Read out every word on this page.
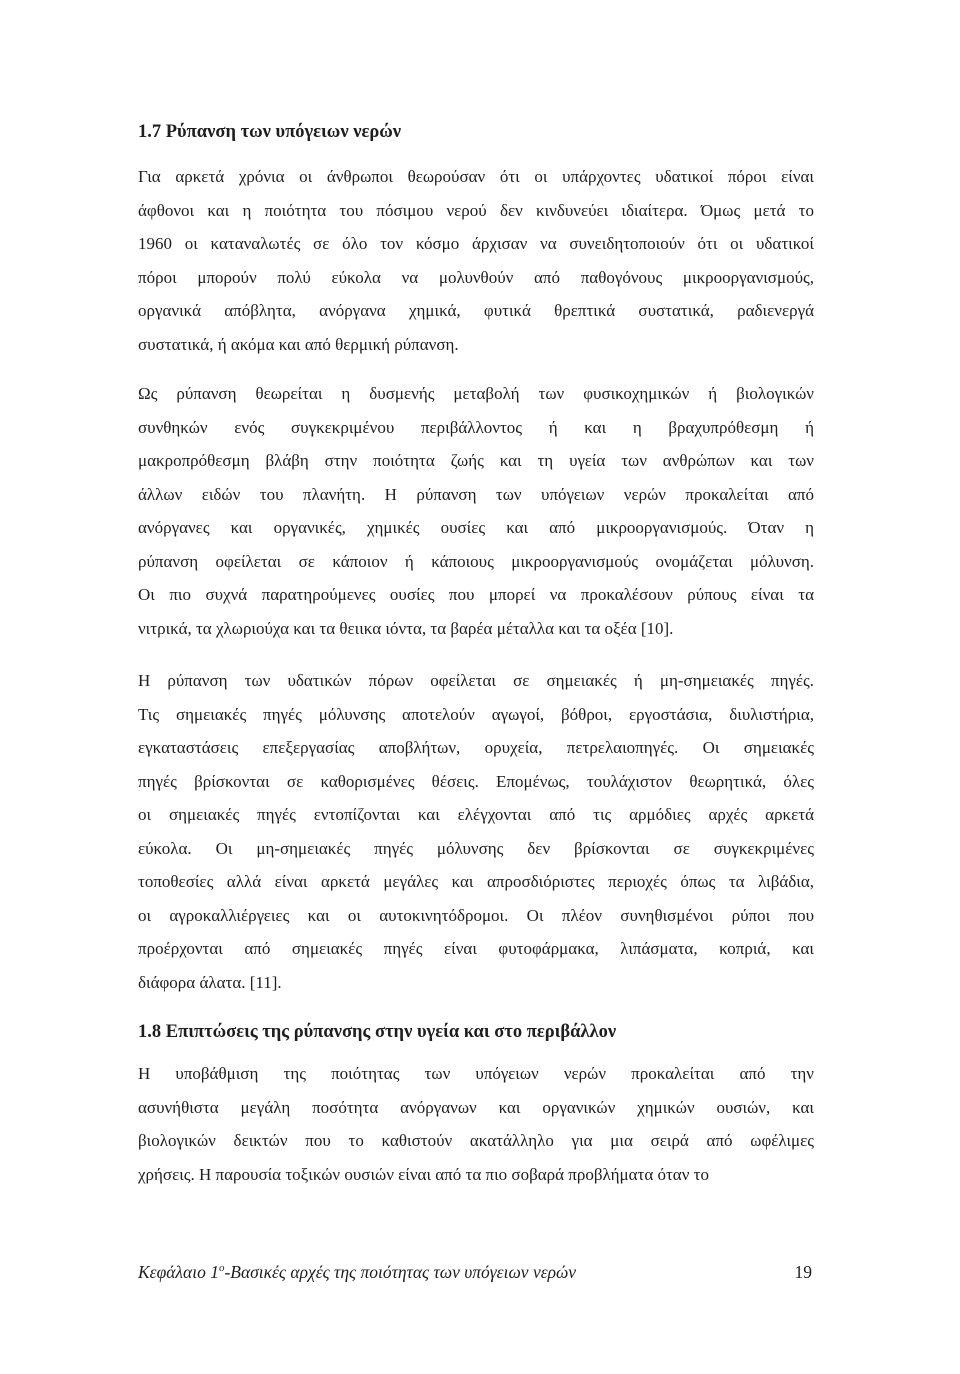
1.7 Ρύπανση των υπόγειων νερών
Για αρκετά χρόνια οι άνθρωποι θεωρούσαν ότι οι υπάρχοντες υδατικοί πόροι είναι
άφθονοι και η ποιότητα του πόσιμου νερού δεν κινδυνεύει ιδιαίτερα. Όμως μετά το
1960 οι καταναλωτές σε όλο τον κόσμο άρχισαν να συνειδητοποιούν ότι οι υδατικοί
πόροι μπορούν πολύ εύκολα να μολυνθούν από παθογόνους μικροοργανισμούς,
οργανικά απόβλητα, ανόργανα χημικά, φυτικά θρεπτικά συστατικά, ραδιενεργά
συστατικά, ή ακόμα και από θερμική ρύπανση.
Ως ρύπανση θεωρείται η δυσμενής μεταβολή των φυσικοχημικών ή βιολογικών
συνθηκών ενός συγκεκριμένου περιβάλλοντος ή και η βραχυπρόθεσμη ή
μακροπρόθεσμη βλάβη στην ποιότητα ζωής και τη υγεία των ανθρώπων και των
άλλων ειδών του πλανήτη. Η ρύπανση των υπόγειων νερών προκαλείται από
ανόργανες και οργανικές, χημικές ουσίες και από μικροοργανισμούς. Όταν η
ρύπανση οφείλεται σε κάποιον ή κάποιους μικροοργανισμούς ονομάζεται μόλυνση.
Οι πιο συχνά παρατηρούμενες ουσίες που μπορεί να προκαλέσουν ρύπους είναι τα
νιτρικά, τα χλωριούχα και τα θειικα ιόντα, τα βαρέα μέταλλα και τα οξέα [10].
Η ρύπανση των υδατικών πόρων οφείλεται σε σημειακές ή μη-σημειακές πηγές.
Τις σημειακές πηγές μόλυνσης αποτελούν αγωγοί, βόθροι, εργοστάσια, διυλιστήρια,
εγκαταστάσεις επεξεργασίας αποβλήτων, ορυχεία, πετρελαιοπηγές. Οι σημειακές
πηγές βρίσκονται σε καθορισμένες θέσεις. Επομένως, τουλάχιστον θεωρητικά, όλες
οι σημειακές πηγές εντοπίζονται και ελέγχονται από τις αρμόδιες αρχές αρκετά
εύκολα. Οι μη-σημειακές πηγές μόλυνσης δεν βρίσκονται σε συγκεκριμένες
τοποθεσίες αλλά είναι αρκετά μεγάλες και απροσδιόριστες περιοχές όπως τα λιβάδια,
οι αγροκαλλιέργειες και οι αυτοκινητόδρομοι. Οι πλέον συνηθισμένοι ρύποι που
προέρχονται από σημειακές πηγές είναι φυτοφάρμακα, λιπάσματα, κοπριά, και
διάφορα άλατα. [11].
1.8 Επιπτώσεις της ρύπανσης στην υγεία και στο περιβάλλον
Η υποβάθμιση της ποιότητας των υπόγειων νερών προκαλείται από την
ασυνήθιστα μεγάλη ποσότητα ανόργανων και οργανικών χημικών ουσιών, και
βιολογικών δεικτών που το καθιστούν ακατάλληλο για μια σειρά από ωφέλιμες
χρήσεις. Η παρουσία τοξικών ουσιών είναι από τα πιο σοβαρά προβλήματα όταν το
Κεφάλαιο $1^o$-Βασικές αρχές της ποιότητας των υπόγειων νερών	19
